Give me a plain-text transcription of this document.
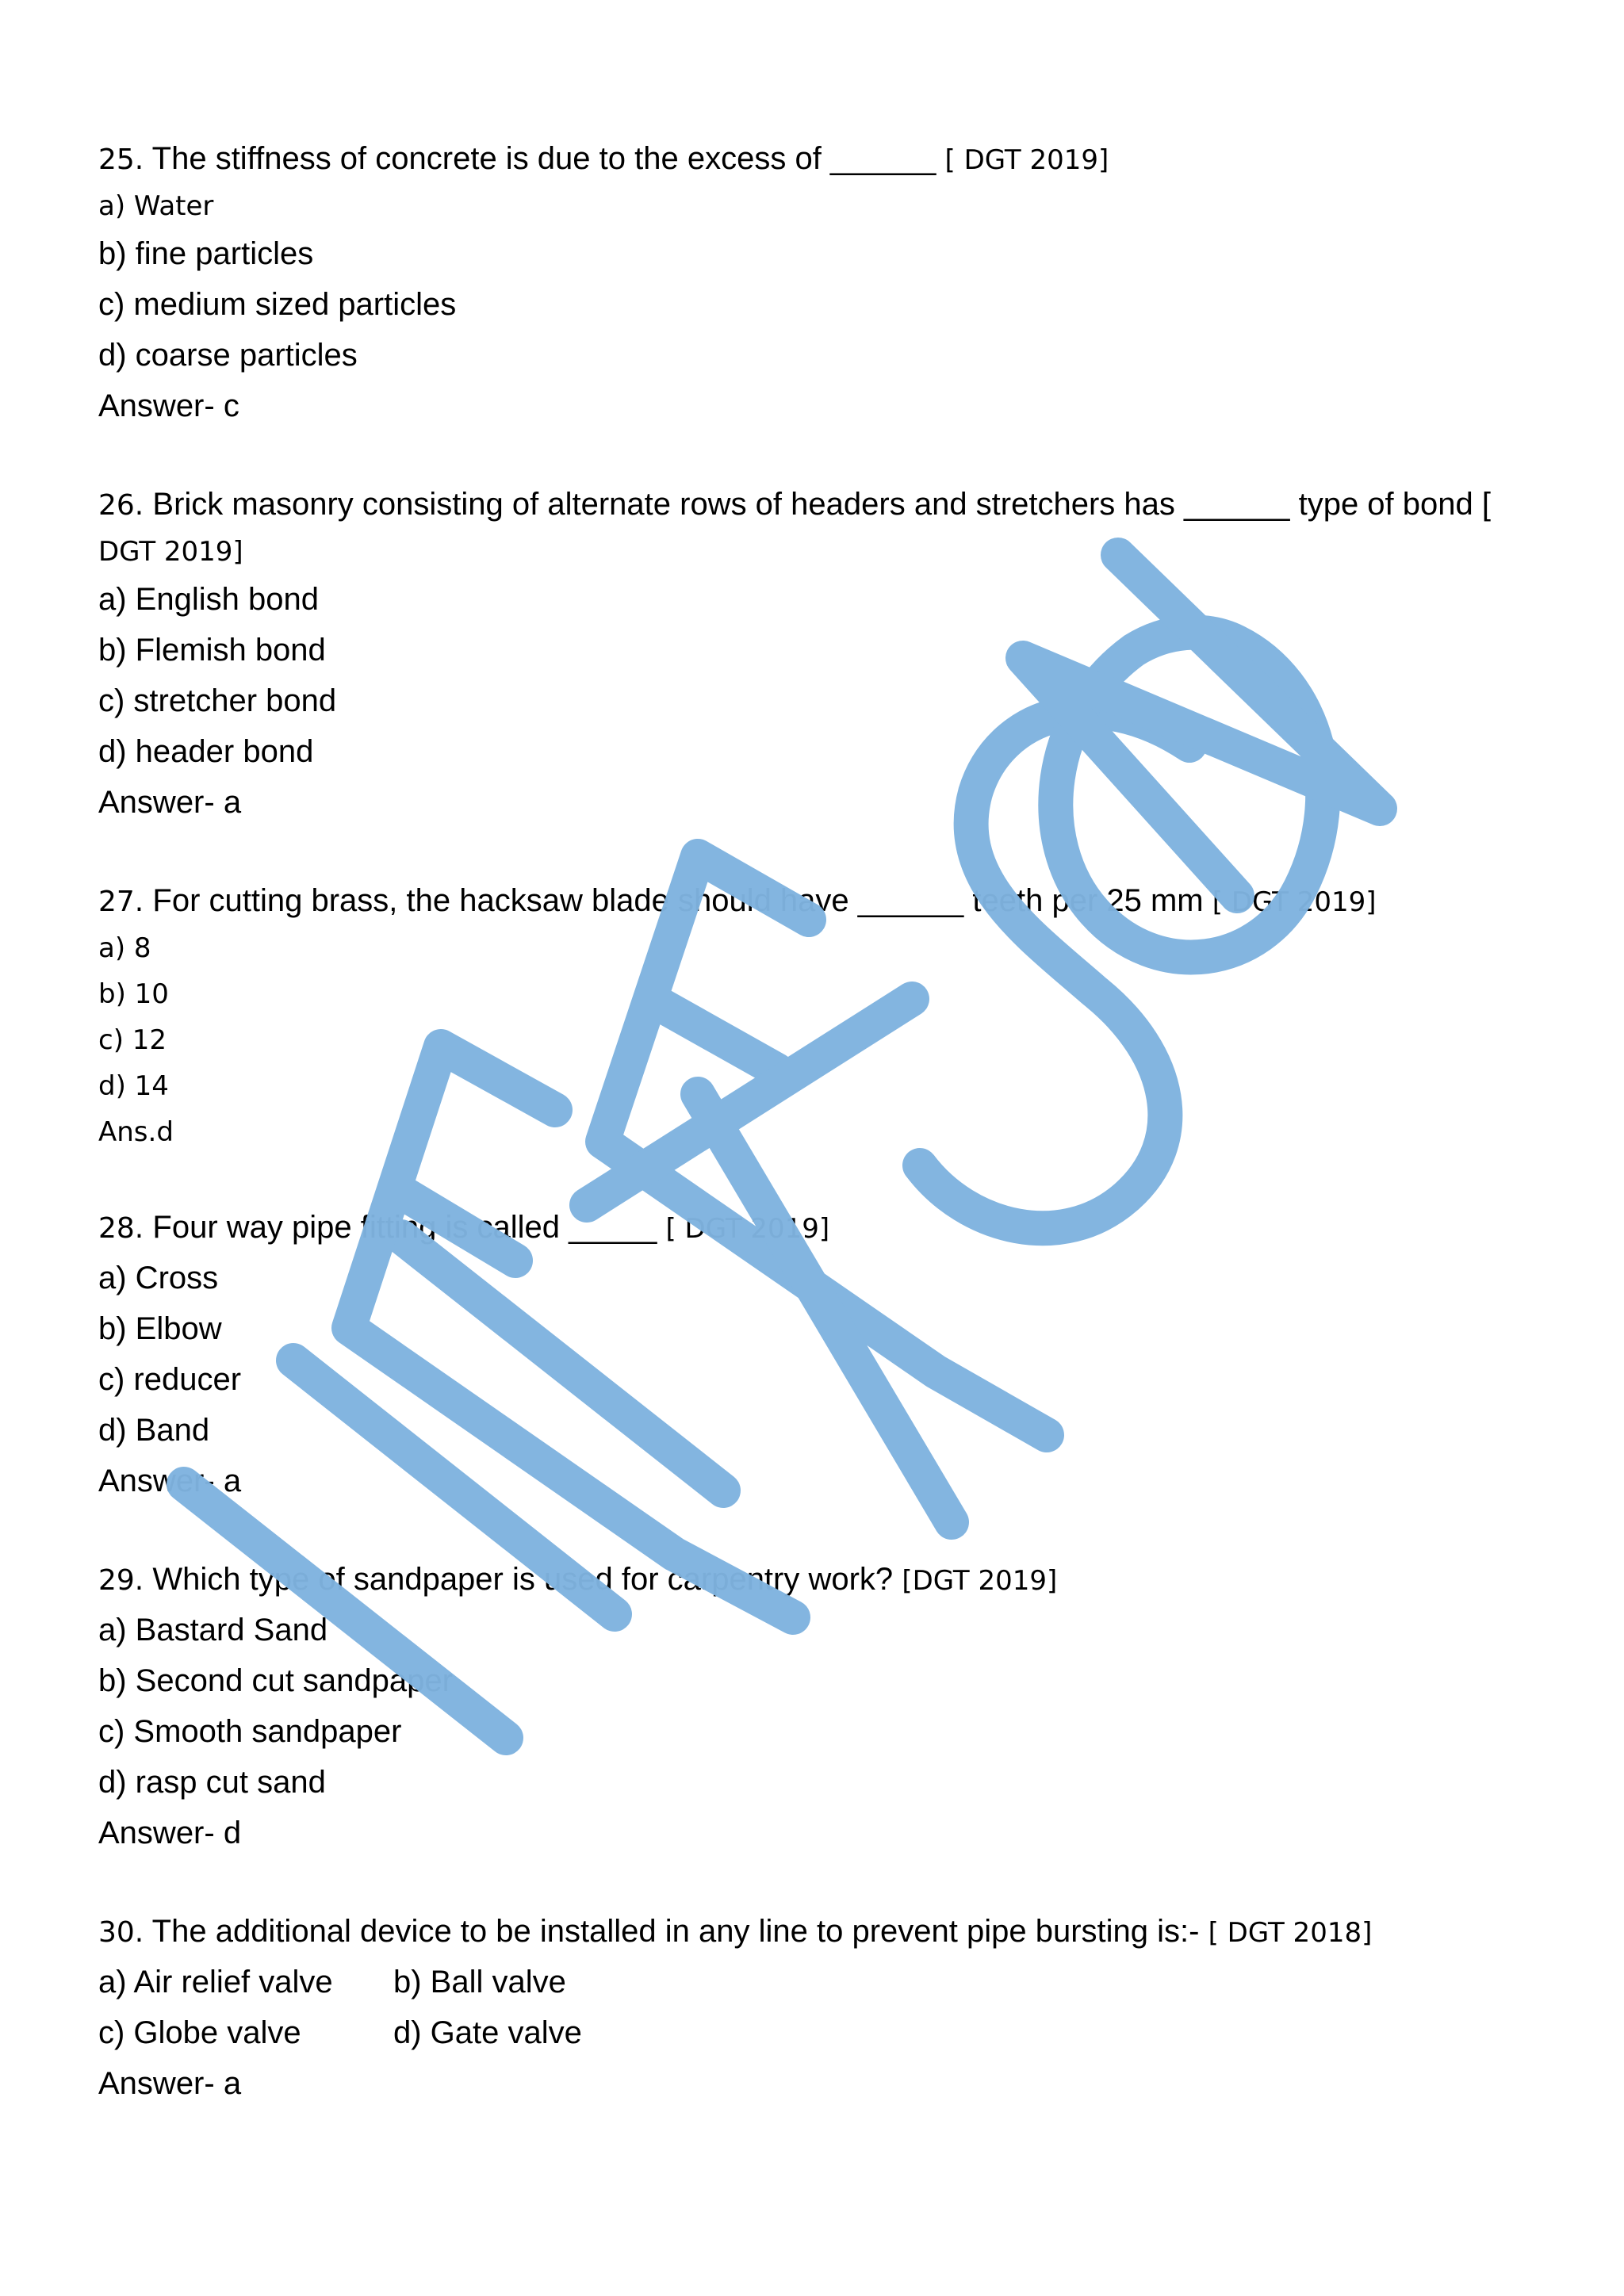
25. The stiffness of concrete is due to the excess of ______ [ DGT 2019]
a) Water
b) fine particles
c) medium sized particles
d) coarse particles
Answer- c
26. Brick masonry consisting of alternate rows of headers and stretchers has ______ type of bond [
DGT 2019]
a) English bond
b) Flemish bond
c) stretcher bond
d) header bond
Answer- a
27. For cutting brass, the hacksaw blade should have ______ teeth per 25 mm [ DGT 2019]
a) 8
b) 10
c) 12
d) 14
Ans.d
28. Four way pipe fitting is called _____ [ DGT 2019]
a) Cross
b) Elbow
c) reducer
d) Band
Answer- a
29. Which type of sandpaper is used for carpentry work? [DGT 2019]
a) Bastard Sand
b) Second cut sandpaper
c) Smooth sandpaper
d) rasp cut sand
Answer- d
30. The additional device to be installed in any line to prevent pipe bursting is:- [ DGT 2018]
a) Air relief valve b) Ball valve
c) Globe valve	d) Gate valve
Answer- a
